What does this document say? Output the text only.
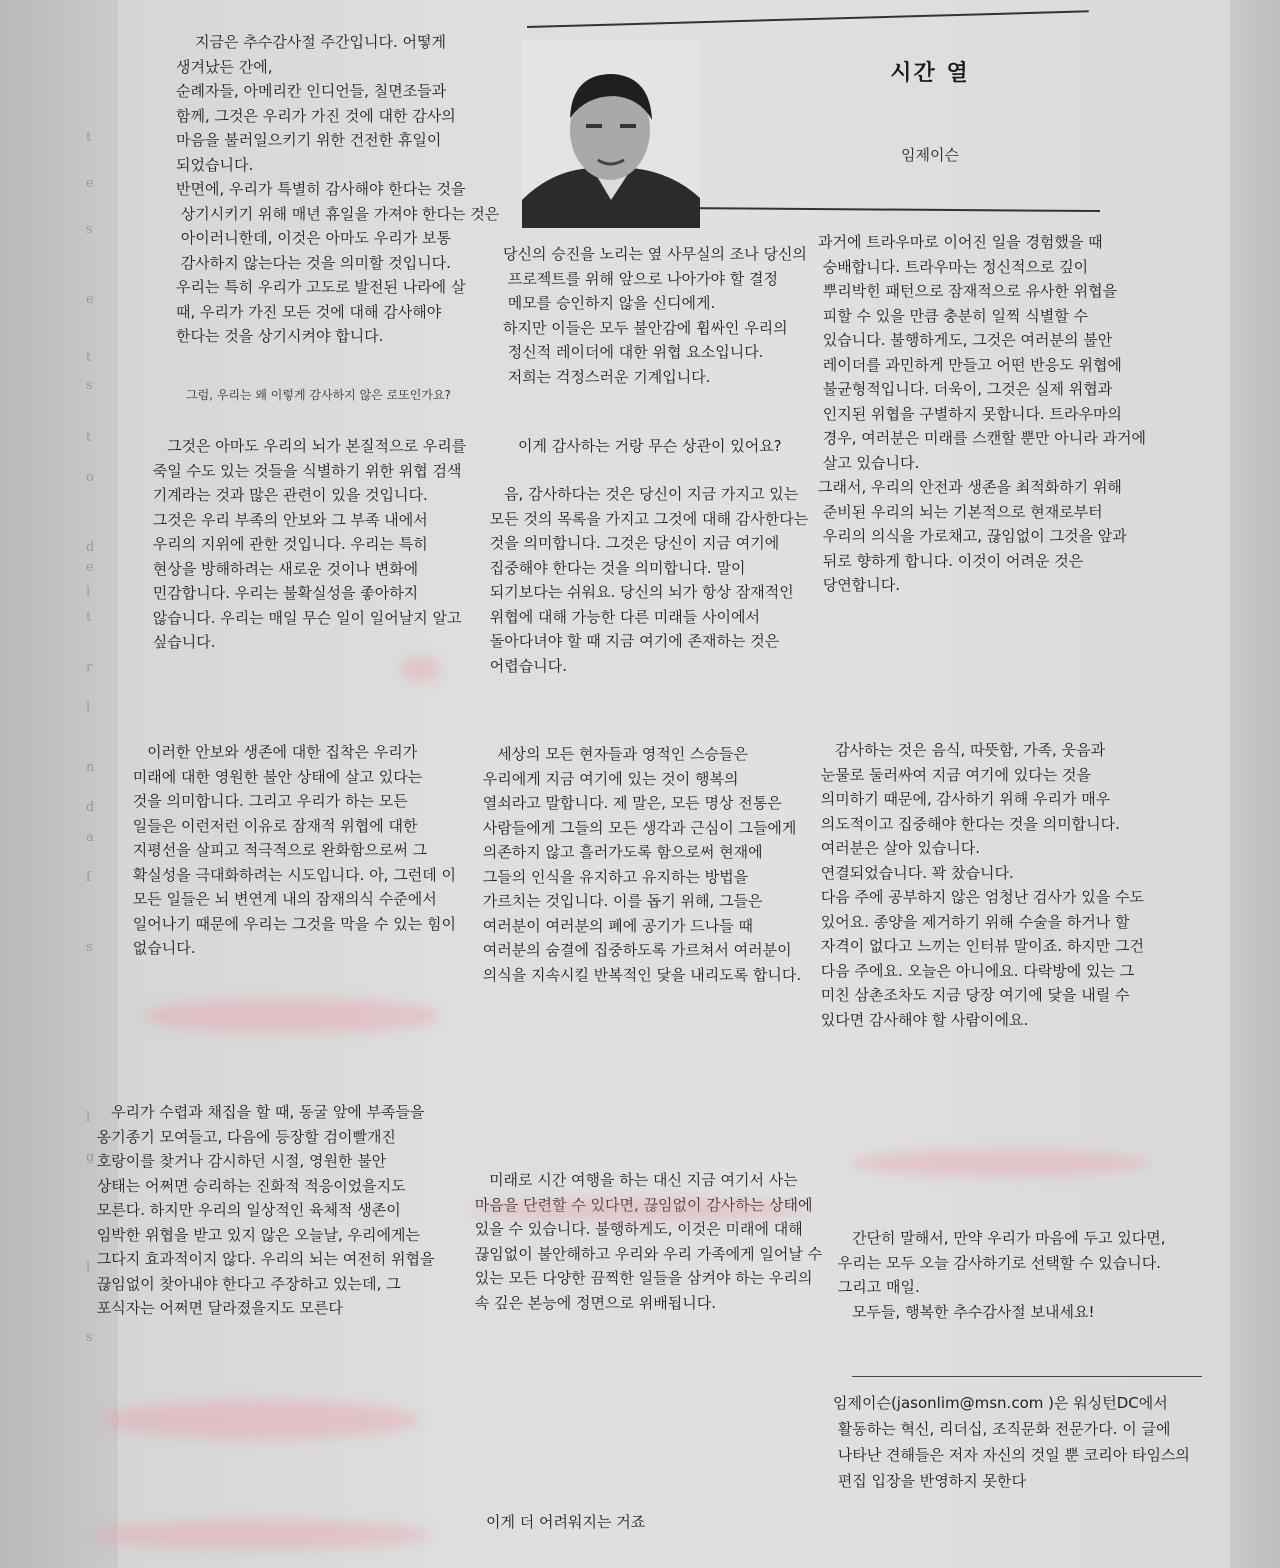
t
e
s
e
t
s
t
o
d
e
l
t
r
l
n
d
a
f
s
l
g
l
s
시간 열
임제이슨
지금은 추수감사절 주간입니다. 어떻게
생겨났든 간에,
순례자들, 아메리칸 인디언들, 칠면조들과
함께, 그것은 우리가 가진 것에 대한 감사의
마음을 불러일으키기 위한 건전한 휴일이
되었습니다.
반면에, 우리가 특별히 감사해야 한다는 것을
상기시키기 위해 매년 휴일을 가져야 한다는 것은
아이러니한데, 이것은 아마도 우리가 보통
감사하지 않는다는 것을 의미할 것입니다.
우리는 특히 우리가 고도로 발전된 나라에 살
때, 우리가 가진 모든 것에 대해 감사해야
한다는 것을 상기시켜야 합니다.
그럼, 우리는 왜 이렇게 감사하지 않은 로또인가요?
그것은 아마도 우리의 뇌가 본질적으로 우리를
죽일 수도 있는 것들을 식별하기 위한 위협 검색
기계라는 것과 많은 관련이 있을 것입니다.
그것은 우리 부족의 안보와 그 부족 내에서
우리의 지위에 관한 것입니다. 우리는 특히
현상을 방해하려는 새로운 것이나 변화에
민감합니다. 우리는 불확실성을 좋아하지
않습니다. 우리는 매일 무슨 일이 일어날지 알고
싶습니다.
이러한 안보와 생존에 대한 집착은 우리가
미래에 대한 영원한 불안 상태에 살고 있다는
것을 의미합니다. 그리고 우리가 하는 모든
일들은 이런저런 이유로 잠재적 위협에 대한
지평선을 살피고 적극적으로 완화함으로써 그
확실성을 극대화하려는 시도입니다. 아, 그런데 이
모든 일들은 뇌 변연계 내의 잠재의식 수준에서
일어나기 때문에 우리는 그것을 막을 수 있는 힘이
없습니다.
우리가 수렵과 채집을 할 때, 동굴 앞에 부족들을
옹기종기 모여들고, 다음에 등장할 검이빨개진
호랑이를 찾거나 감시하던 시절, 영원한 불안
상태는 어쩌면 승리하는 진화적 적응이었을지도
모른다. 하지만 우리의 일상적인 육체적 생존이
임박한 위협을 받고 있지 않은 오늘날, 우리에게는
그다지 효과적이지 않다. 우리의 뇌는 여전히 위협을
끊임없이 찾아내야 한다고 주장하고 있는데, 그
포식자는 어쩌면 달라졌을지도 모른다
당신의 승진을 노리는 옆 사무실의 조나 당신의
프로젝트를 위해 앞으로 나아가야 할 결정
메모를 승인하지 않을 신디에게.
하지만 이들은 모두 불안감에 휩싸인 우리의
정신적 레이더에 대한 위협 요소입니다.
저희는 걱정스러운 기계입니다.
이게 감사하는 거랑 무슨 상관이 있어요?
음, 감사하다는 것은 당신이 지금 가지고 있는
모든 것의 목록을 가지고 그것에 대해 감사한다는
것을 의미합니다. 그것은 당신이 지금 여기에
집중해야 한다는 것을 의미합니다. 말이
되기보다는 쉬워요. 당신의 뇌가 항상 잠재적인
위협에 대해 가능한 다른 미래들 사이에서
돌아다녀야 할 때 지금 여기에 존재하는 것은
어렵습니다.
세상의 모든 현자들과 영적인 스승들은
우리에게 지금 여기에 있는 것이 행복의
열쇠라고 말합니다. 제 말은, 모든 명상 전통은
사람들에게 그들의 모든 생각과 근심이 그들에게
의존하지 않고 흘러가도록 함으로써 현재에
그들의 인식을 유지하고 유지하는 방법을
가르치는 것입니다. 이를 돕기 위해, 그들은
여러분이 여러분의 폐에 공기가 드나들 때
여러분의 숨결에 집중하도록 가르쳐서 여러분이
의식을 지속시킬 반복적인 닻을 내리도록 합니다.
미래로 시간 여행을 하는 대신 지금 여기서 사는
마음을 단련할 수 있다면, 끊임없이 감사하는 상태에
있을 수 있습니다. 불행하게도, 이것은 미래에 대해
끊임없이 불안해하고 우리와 우리 가족에게 일어날 수
있는 모든 다양한 끔찍한 일들을 삼켜야 하는 우리의
속 깊은 본능에 정면으로 위배됩니다.
이게 더 어려워지는 거죠
과거에 트라우마로 이어진 일을 경험했을 때
숭배합니다. 트라우마는 정신적으로 깊이
뿌리박힌 패턴으로 잠재적으로 유사한 위협을
피할 수 있을 만큼 충분히 일찍 식별할 수
있습니다. 불행하게도, 그것은 여러분의 불안
레이더를 과민하게 만들고 어떤 반응도 위협에
불균형적입니다. 더욱이, 그것은 실제 위협과
인지된 위협을 구별하지 못합니다. 트라우마의
경우, 여러분은 미래를 스캔할 뿐만 아니라 과거에
살고 있습니다.
그래서, 우리의 안전과 생존을 최적화하기 위해
준비된 우리의 뇌는 기본적으로 현재로부터
우리의 의식을 가로채고, 끊임없이 그것을 앞과
뒤로 향하게 합니다. 이것이 어려운 것은
당연합니다.
감사하는 것은 음식, 따뜻함, 가족, 웃음과
눈물로 둘러싸여 지금 여기에 있다는 것을
의미하기 때문에, 감사하기 위해 우리가 매우
의도적이고 집중해야 한다는 것을 의미합니다.
여러분은 살아 있습니다.
연결되었습니다. 꽉 찼습니다.
다음 주에 공부하지 않은 엄청난 검사가 있을 수도
있어요. 종양을 제거하기 위해 수술을 하거나 할
자격이 없다고 느끼는 인터뷰 말이죠. 하지만 그건
다음 주에요. 오늘은 아니에요. 다락방에 있는 그
미친 삼촌조차도 지금 당장 여기에 닻을 내릴 수
있다면 감사해야 할 사람이에요.
간단히 말해서, 만약 우리가 마음에 두고 있다면,
우리는 모두 오늘 감사하기로 선택할 수 있습니다.
그리고 매일.
모두들, 행복한 추수감사절 보내세요!
임제이슨(jasonlim@msn.com )은 워싱턴DC에서
활동하는 혁신, 리더십, 조직문화 전문가다. 이 글에
나타난 견해들은 저자 자신의 것일 뿐 코리아 타임스의
편집 입장을 반영하지 못한다
